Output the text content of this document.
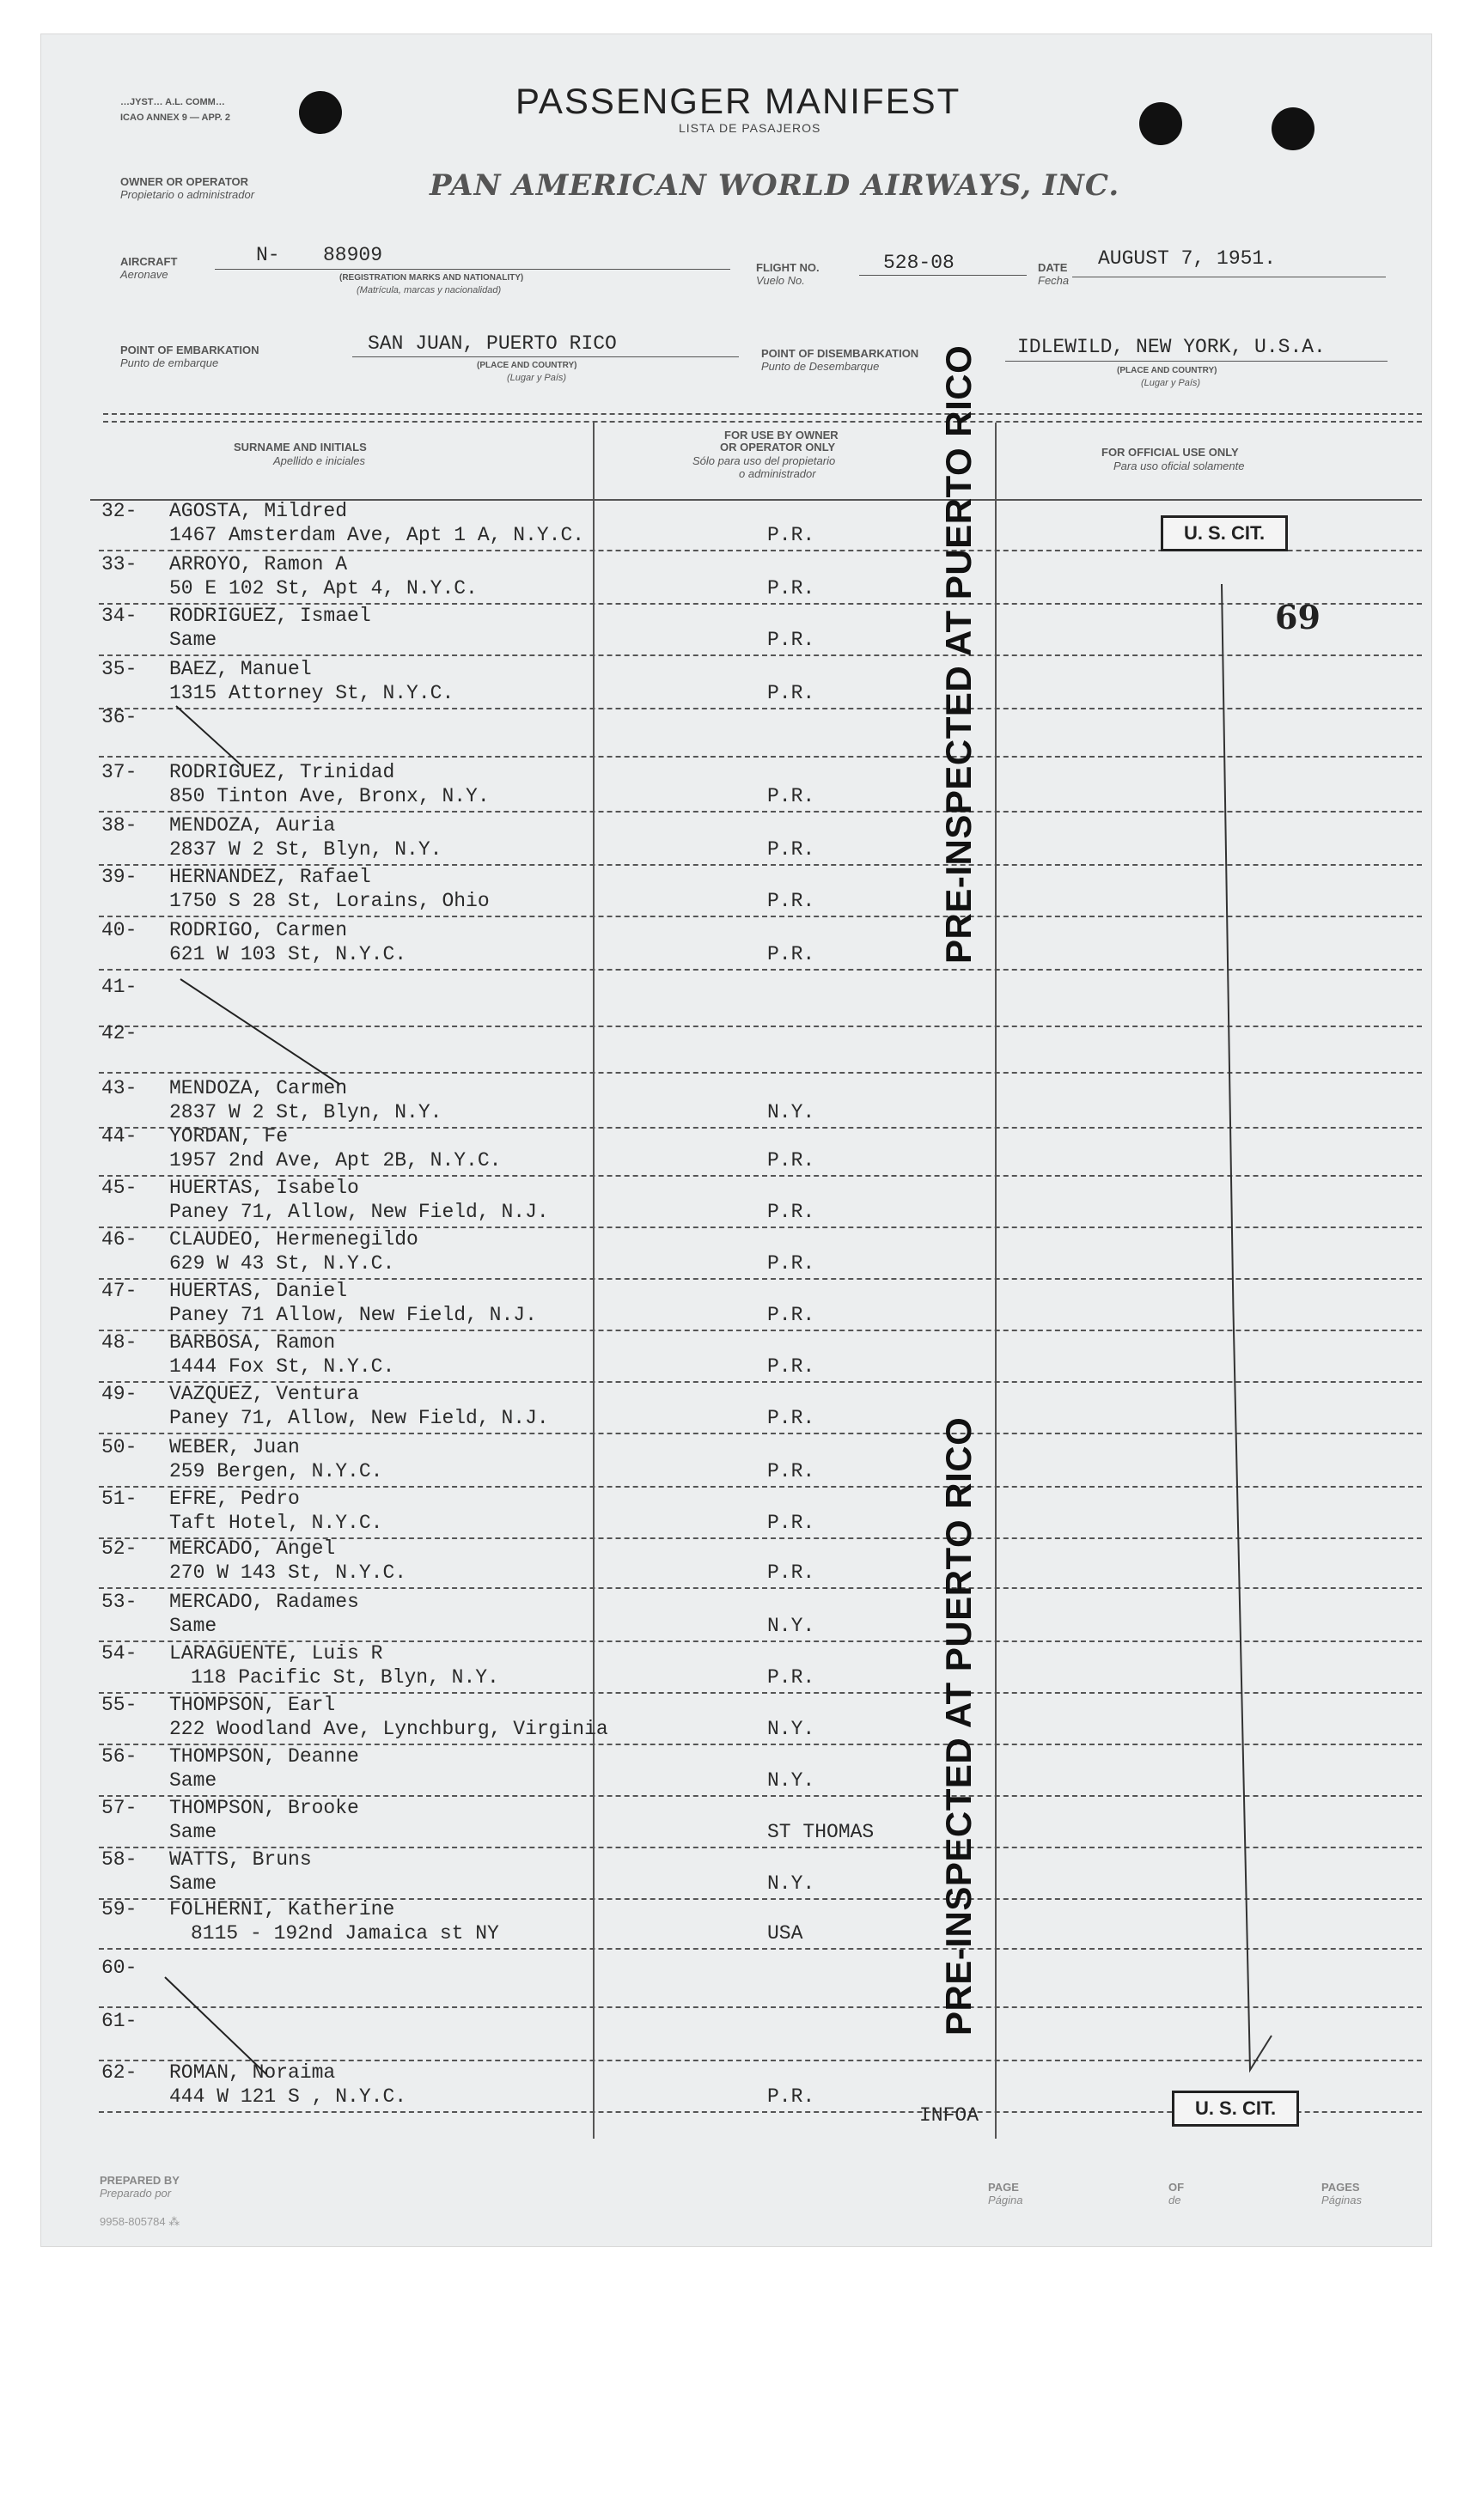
…JYST… A.L. COMM…
ICAO ANNEX 9 — APP. 2	PASSENGER MANIFEST
LISTA DE PASAJEROS
OWNER OR OPERATOR
Propietario o administrador	PAN AMERICAN WORLD AIRWAYS, INC.
AIRCRAFT
Aeronave
N- 88909
(REGISTRATION MARKS AND NATIONALITY)
(Matrícula, marcas y nacionalidad)
FLIGHT NO.
Vuelo No.
528-08	DATE
Fecha
AUGUST 7, 1951.
POINT OF EMBARKATION
Punto de embarque
SAN JUAN, PUERTO RICO
(PLACE AND COUNTRY)
(Lugar y País)
POINT OF DISEMBARKATION
Punto de Desembarque
IDLEWILD, NEW YORK, U.S.A.
(PLACE AND COUNTRY)
(Lugar y País)
SURNAME AND INITIALS
Apellido e iniciales
FOR USE BY OWNER
OR OPERATOR ONLY
Sólo para uso del propietario
o administrador
FOR OFFICIAL USE ONLY
Para uso oficial solamente
32- AGOSTA, Mildred
1467 Amsterdam Ave, Apt 1 A, N.Y.C.	P.R.
33- ARROYO, Ramon A
50 E 102 St, Apt 4, N.Y.C.	P.R.
34- RODRIGUEZ, Ismael
Same	P.R.
35- BAEZ, Manuel
1315 Attorney St, N.Y.C.	P.R.
36-
37- RODRIGUEZ, Trinidad
850 Tinton Ave, Bronx, N.Y.	P.R.
38- MENDOZA, Auria
2837 W 2 St, Blyn, N.Y.	P.R.
39- HERNANDEZ, Rafael
1750 S 28 St, Lorains, Ohio	P.R.
40- RODRIGO, Carmen
621 W 103 St, N.Y.C.	P.R.
41-
42-
43- MENDOZA, Carmen
2837 W 2 St, Blyn, N.Y.	N.Y.
44- YORDAN, Fe
1957 2nd Ave, Apt 2B, N.Y.C.	P.R.
45- HUERTAS, Isabelo
Paney 71, Allow, New Field, N.J.	P.R.
46- CLAUDEO, Hermenegildo
629 W 43 St, N.Y.C.	P.R.
47- HUERTAS, Daniel
Paney 71 Allow, New Field, N.J.	P.R.
48- BARBOSA, Ramon
1444 Fox St, N.Y.C.	P.R.
49- VAZQUEZ, Ventura
Paney 71, Allow, New Field, N.J.	P.R.
50- WEBER, Juan
259 Bergen, N.Y.C.	P.R.
51- EFRE, Pedro
Taft Hotel, N.Y.C.	P.R.
52- MERCADO, Angel
270 W 143 St, N.Y.C.	P.R.
53- MERCADO, Radames
Same	N.Y.
54- LARAGUENTE, Luis R
118 Pacific St, Blyn, N.Y.	P.R.
55- THOMPSON, Earl
222 Woodland Ave, Lynchburg, Virginia	N.Y.
56- THOMPSON, Deanne
Same	N.Y.
57- THOMPSON, Brooke
Same	ST THOMAS
58- WATTS, Bruns
Same	N.Y.
59- FOLHERNI, Katherine
8115 - 192nd Jamaica st NY	USA
60-
61-
62- ROMAN, Noraima
444 W 121 S , N.Y.C.	P.R.
PRE-INSPECTED AT PUERTO RICO
PRE-INSPECTED AT PUERTO RICO
U. S. CIT.
U. S. CIT.
69
INFOA
PREPARED BY
Preparado por	PAGE
Página
OF
de
PAGES
Páginas
9958-805784 ⁂
